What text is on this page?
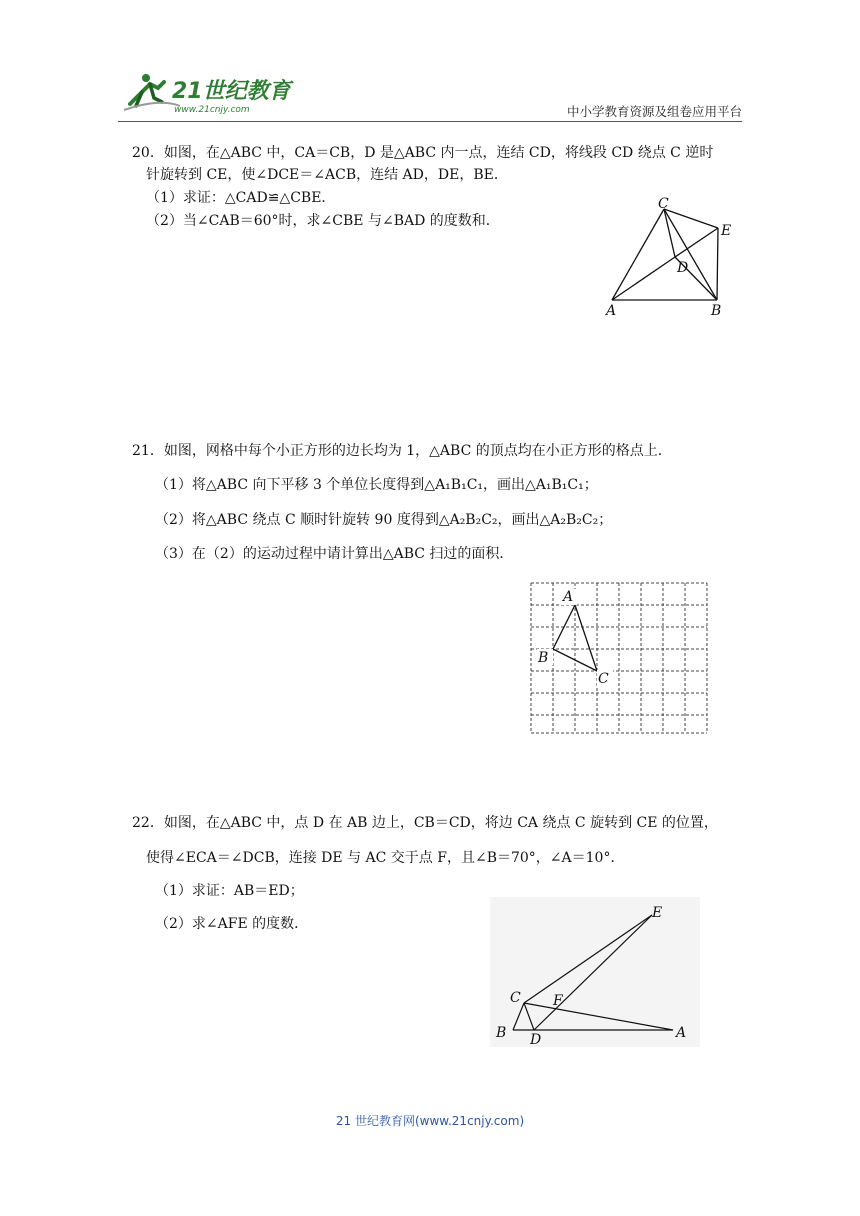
21世纪教育
www.21cnjy.com	中小学教育资源及组卷应用平台
20．如图，在△ABC 中，CA＝CB，D 是△ABC 内一点，连结 CD，将线段 CD 绕点 C 逆时
针旋转到 CE，使∠DCE＝∠ACB，连结 AD，DE，BE．
（1）求证：△CAD≌△CBE．
（2）当∠CAB＝60°时，求∠CBE 与∠BAD 的度数和．
C
E
D
A	B
21．如图，网格中每个小正方形的边长均为 1，△ABC 的顶点均在小正方形的格点上．
（1）将△ABC 向下平移 3 个单位长度得到△A₁B₁C₁，画出△A₁B₁C₁；
（2）将△ABC 绕点 C 顺时针旋转 90 度得到△A₂B₂C₂，画出△A₂B₂C₂；
（3）在（2）的运动过程中请计算出△ABC 扫过的面积．
A
B
C
22．如图，在△ABC 中，点 D 在 AB 边上，CB＝CD，将边 CA 绕点 C 旋转到 CE 的位置，
使得∠ECA＝∠DCB，连接 DE 与 AC 交于点 F，且∠B＝70°，∠A＝10°．
（1）求证：AB＝ED；
（2）求∠AFE 的度数．
E
C F
B D	A
21 世纪教育网(www.21cnjy.com)
